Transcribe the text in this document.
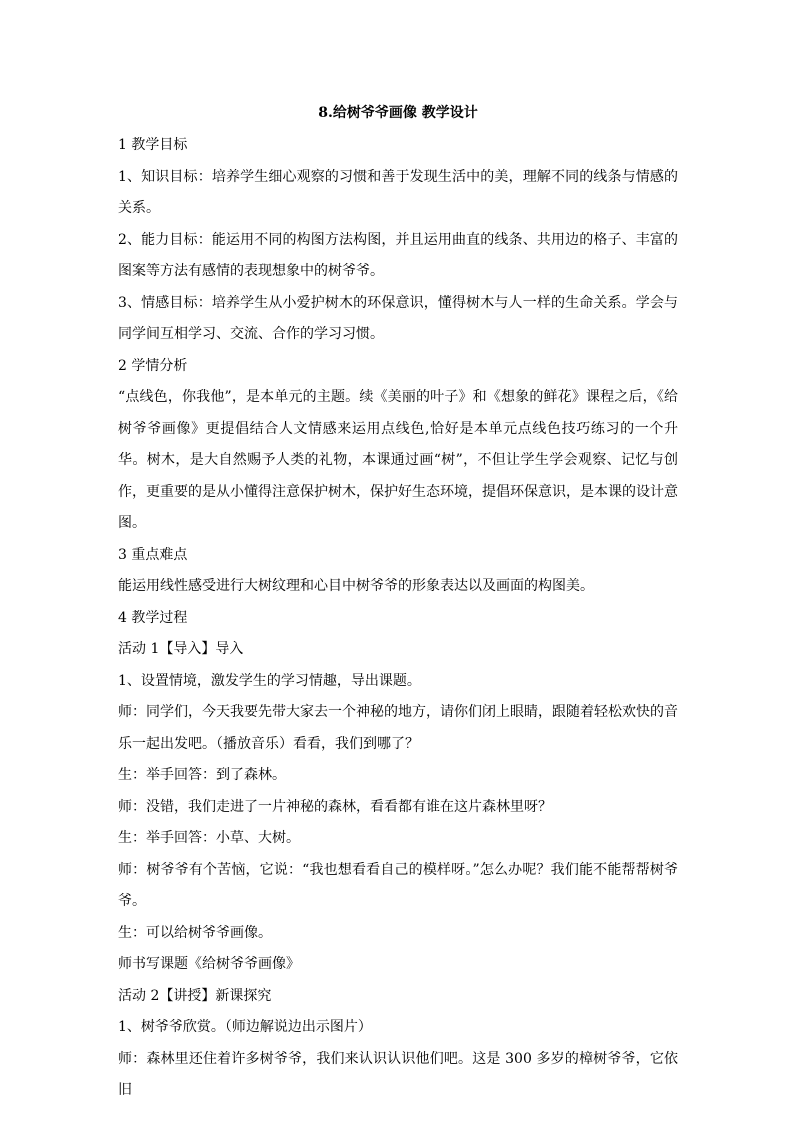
8.给树爷爷画像 教学设计

1 教学目标

1、知识目标：培养学生细心观察的习惯和善于发现生活中的美，理解不同的线条与情感的关系。

2、能力目标：能运用不同的构图方法构图，并且运用曲直的线条、共用边的格子、丰富的图案等方法有感情的表现想象中的树爷爷。

3、情感目标：培养学生从小爱护树木的环保意识，懂得树木与人一样的生命关系。学会与同学间互相学习、交流、合作的学习习惯。

2 学情分析

“点线色，你我他”，是本单元的主题。续《美丽的叶子》和《想象的鲜花》课程之后，《给树爷爷画像》更提倡结合人文情感来运用点线色,恰好是本单元点线色技巧练习的一个升华。树木，是大自然赐予人类的礼物，本课通过画“树”，不但让学生学会观察、记忆与创作，更重要的是从小懂得注意保护树木，保护好生态环境，提倡环保意识，是本课的设计意图。

3 重点难点

能运用线性感受进行大树纹理和心目中树爷爷的形象表达以及画面的构图美。

4 教学过程

活动 1【导入】导入

1、设置情境，激发学生的学习情趣，导出课题。

师：同学们，今天我要先带大家去一个神秘的地方，请你们闭上眼睛，跟随着轻松欢快的音乐一起出发吧。（播放音乐）看看，我们到哪了？

生：举手回答：到了森林。

师：没错，我们走进了一片神秘的森林，看看都有谁在这片森林里呀？

生：举手回答：小草、大树。

师：树爷爷有个苦恼，它说：“我也想看看自己的模样呀。”怎么办呢？我们能不能帮帮树爷爷。

生：可以给树爷爷画像。

师书写课题《给树爷爷画像》

活动 2【讲授】新课探究

1、树爷爷欣赏。（师边解说边出示图片）

师：森林里还住着许多树爷爷，我们来认识认识他们吧。这是 300 多岁的樟树爷爷，它依旧
